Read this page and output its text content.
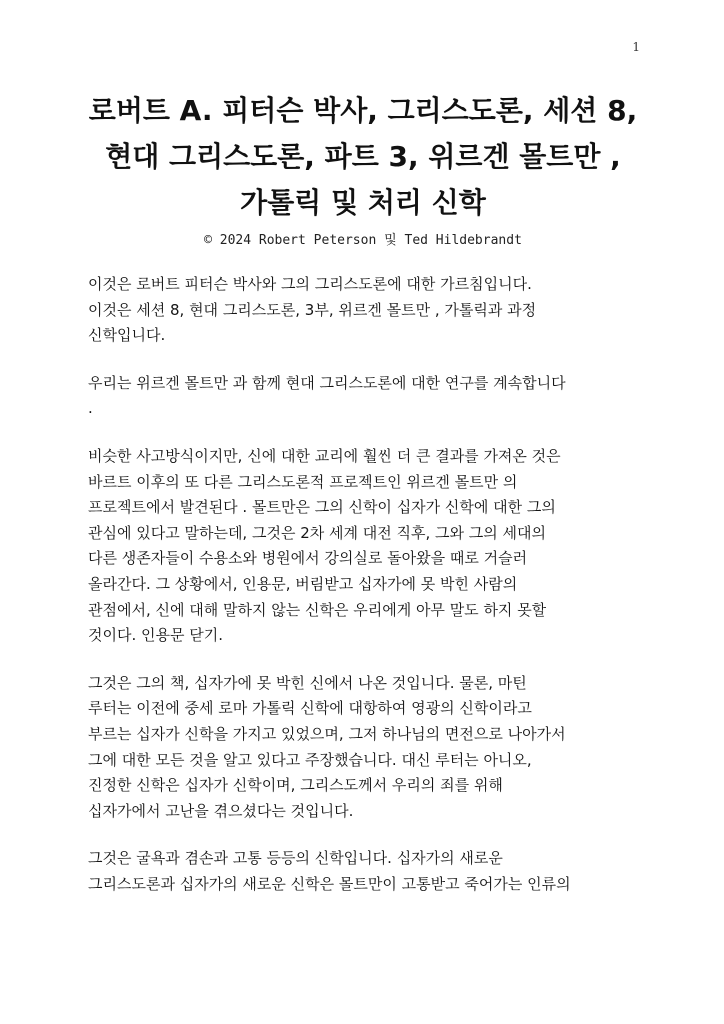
1
로버트 A. 피터슨 박사, 그리스도론, 세션 8,
현대 그리스도론, 파트 3, 위르겐 몰트만 ,
가톨릭 및 처리 신학
© 2024 Robert Peterson 및 Ted Hildebrandt

이것은 로버트 피터슨 박사와 그의 그리스도론에 대한 가르침입니다.
이것은 세션 8, 현대 그리스도론, 3부, 위르겐 몰트만 , 가톨릭과 과정
신학입니다.

우리는 위르겐 몰트만 과 함께 현대 그리스도론에 대한 연구를 계속합니다
.

비슷한 사고방식이지만, 신에 대한 교리에 훨씬 더 큰 결과를 가져온 것은
바르트 이후의 또 다른 그리스도론적 프로젝트인 위르겐 몰트만 의
프로젝트에서 발견된다 . 몰트만은 그의 신학이 십자가 신학에 대한 그의
관심에 있다고 말하는데, 그것은 2차 세계 대전 직후, 그와 그의 세대의
다른 생존자들이 수용소와 병원에서 강의실로 돌아왔을 때로 거슬러
올라간다. 그 상황에서, 인용문, 버림받고 십자가에 못 박힌 사람의
관점에서, 신에 대해 말하지 않는 신학은 우리에게 아무 말도 하지 못할
것이다. 인용문 닫기.

그것은 그의 책, 십자가에 못 박힌 신에서 나온 것입니다. 물론, 마틴
루터는 이전에 중세 로마 가톨릭 신학에 대항하여 영광의 신학이라고
부르는 십자가 신학을 가지고 있었으며, 그저 하나님의 면전으로 나아가서
그에 대한 모든 것을 알고 있다고 주장했습니다. 대신 루터는 아니오,
진정한 신학은 십자가 신학이며, 그리스도께서 우리의 죄를 위해
십자가에서 고난을 겪으셨다는 것입니다.

그것은 굴욕과 겸손과 고통 등등의 신학입니다. 십자가의 새로운
그리스도론과 십자가의 새로운 신학은 몰트만이 고통받고 죽어가는 인류의
